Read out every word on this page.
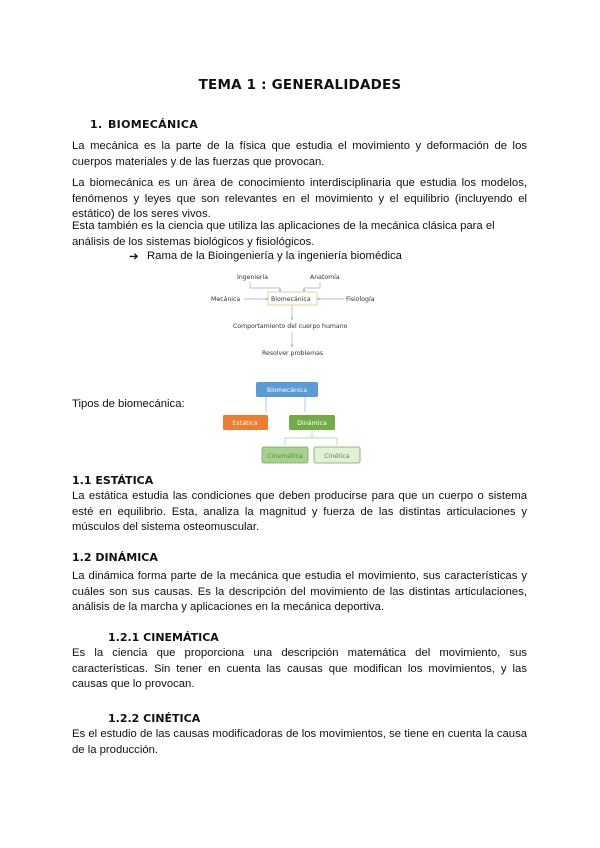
TEMA 1 : GENERALIDADES
1. BIOMECÁNICA
La mecánica es la parte de la física que estudia el movimiento y deformación de los cuerpos materiales y de las fuerzas que provocan.
La biomecánica es un área de conocimiento interdisciplinaria que estudia los modelos, fenómenos y leyes que son relevantes en el movimiento y el equilibrio (incluyendo el estático) de los seres vivos.
Esta también es la ciencia que utiliza las aplicaciones de la mecánica clásica para el análisis de los sistemas biológicos y fisiológicos.
➔ Rama de la Bioingeniería y la ingeniería biomédica
Ingeniería	Anatomía
Mecánica	Biomecánica	Fisiología
Comportamiento del cuerpo humano
Resolver problemas
Tipos de biomecánica:
Biomecánica
Estática	Dinámica
Cinemática	Cinética
1.1 ESTÁTICA
La estática estudia las condiciones que deben producirse para que un cuerpo o sistema esté en equilibrio. Esta, analiza la magnitud y fuerza de las distintas articulaciones y músculos del sistema osteomuscular.
1.2 DINÁMICA
La dinámica forma parte de la mecánica que estudia el movimiento, sus características y cuáles son sus causas. Es la descripción del movimiento de las distintas articulaciones, análisis de la marcha y aplicaciones en la mecánica deportiva.
1.2.1 CINEMÁTICA
Es la ciencia que proporciona una descripción matemática del movimiento, sus características. Sin tener en cuenta las causas que modifican los movimientos, y las causas que lo provocan.
1.2.2 CINÉTICA
Es el estudio de las causas modificadoras de los movimientos, se tiene en cuenta la causa de la producción.
